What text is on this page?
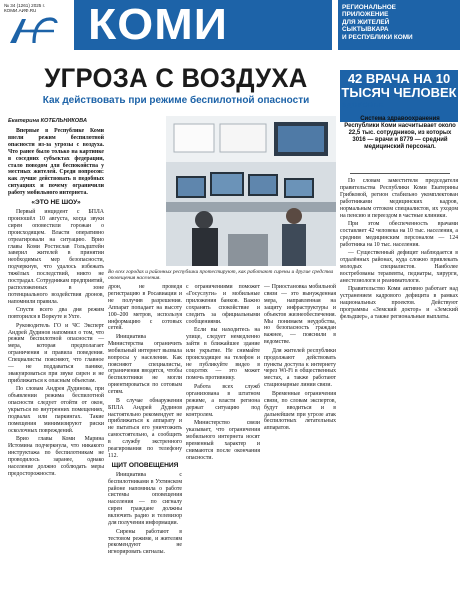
№ 34 (1261) 2025 г.
КОМИ.АИФ.RU	КОМИ	РЕГИОНАЛЬНОЕ
ПРИЛОЖЕНИЕ
ДЛЯ ЖИТЕЛЕЙ
СЫКТЫВКАРА
И РЕСПУБЛИКИ КОМИ
УГРОЗА С ВОЗДУХА
Как действовать при режиме беспилотной опасности
Екатерина КОТЕЛЬНИКОВА

Впервые в Республике Коми ввели режим беспилотной опасности из-за угрозы с воздуха. Что ранее было только на картинке в соседних субъектах федерации, стало поводом для беспокойства у местных жителей. Среди вопросов: как лучше действовать в подобных ситуациях и почему ограничили работу мобильного интернета.

«ЭТО НЕ ШОУ»

Первый инцидент с БПЛА произошёл 10 августа, когда звуки сирен оповестили горожан о происходящем. Власти оперативно отреагировали на ситуацию. Врио главы Коми Ростислав Гольдштейн заверил жителей в принятии необходимых мер безопасности, подчеркнув, что удалось избежать тяжёлых последствий, никто не пострадал. Сотрудникам предприятий, расположенных в зоне потенциального воздействия дронов, напомнили правила.

Спустя всего два дня режим повторился в Воркуте и Ухте.

Руководитель ГО и ЧС Эксперт Андрей Дудинов напомнил о том, что режим беспилотной опасности — мера, которая предполагает ограничения и правила поведения. Специалисты поясняют, что главное — не поддаваться панике, эвакуироваться при звуке сирен и не приближаться к опасным объектам.

По словам Андрея Дудинова, при объявлении режима беспилотной опасности следует отойти от окон, укрыться во внутренних помещениях, подвалах или паркингах. Такие помещения минимизируют риски осколочных повреждений.

Врио главы Коми Марина Истомина подчеркнула, что никакого инструктажа по беспилотникам не проводилось заранее, однако население должно соблюдать меры предосторожности.

Во всех городах и районных республики протестируют, как работают сирены и другие средства оповещения населения.

дрон, не проведя регистрацию в Росавиации и не получив разрешения. Аппарат попадает на высоту 100–200 метров, используя информацию с сотовых сетей.

Инициатива Министерства ограничить мобильный интернет вызвала вопросы у населения. Как поясняют специалисты, ограничения вводятся, чтобы беспилотники не могли ориентироваться по сотовым сетям.

В случае обнаружения БПЛА Андрей Дудинов настоятельно рекомендует не приближаться к аппарату и не пытаться его уничтожить самостоятельно, а сообщить в службу экстренного реагирования по телефону 112.

ЩИТ ОПОВЕЩЕНИЯ

Инициатива с беспилотниками в Ухтинском районе напомнила о работе системы оповещения населения — по сигналу сирен граждане должны включить радио и телевизор для получения информации.

Сирены работают в тестовом режиме, и жителям рекомендуют не игнорировать сигналы.

с ограничениями поможет «Госуслуги» и мобильные приложения банков. Важно сохранять спокойствие и следить за официальными сообщениями.

Если вы находитесь на улице, следует немедленно зайти в ближайшее здание или укрытие. Не снимайте происходящее на телефон и не публикуйте видео в соцсетях — это может помочь противнику.

Работа всех служб организована в штатном режиме, а власти региона держат ситуацию под контролем.

Министерство связи указывает, что ограничения мобильного интернета носят временный характер и снимаются после окончания опасности.

— Приостановка мобильной связи — это вынужденная мера, направленная на защиту инфраструктуры и объектов жизнеобеспечения. Мы понимаем неудобства, но безопасность граждан важнее, — пояснили в ведомстве.

Для жителей республики продолжают действовать пункты доступа к интернету через Wi-Fi в общественных местах, а также работают стационарные линии связи.

Временные ограничения связи, по словам экспертов, будут вводиться и в дальнейшем при угрозе атак беспилотных летательных аппаратов.

42 ВРАЧА НА 10 ТЫСЯЧ ЧЕЛОВЕК
ЗДОРОВЬЕ
Система здравоохранения Республики Коми насчитывает около 22,5 тыс. сотрудников, из которых 3016 — врачи и 8779 — средний медицинский персонал.

По словам заместителя председателя правительства Республики Коми Екатерины Грибковой, регион стабильно укомплектован работниками медицинских кадров, нормальным оттоком специалистов, их уходом на пенсию и переездом в частные клиники.

При этом обеспеченность врачами составляет 42 человека на 10 тыс. населения, а средним медицинским персоналом — 124 работника на 10 тыс. населения.

— Существенный дефицит наблюдается в отдалённых районах, куда сложно привлекать молодых специалистов. Наиболее востребованы терапевты, педиатры, хирурги, анестезиологи и реаниматологи.

Правительство Коми активно работает над устранением кадрового дефицита в рамках национальных проектов. Действуют программы «Земский доктор» и «Земский фельдшер», а также региональные выплаты.
